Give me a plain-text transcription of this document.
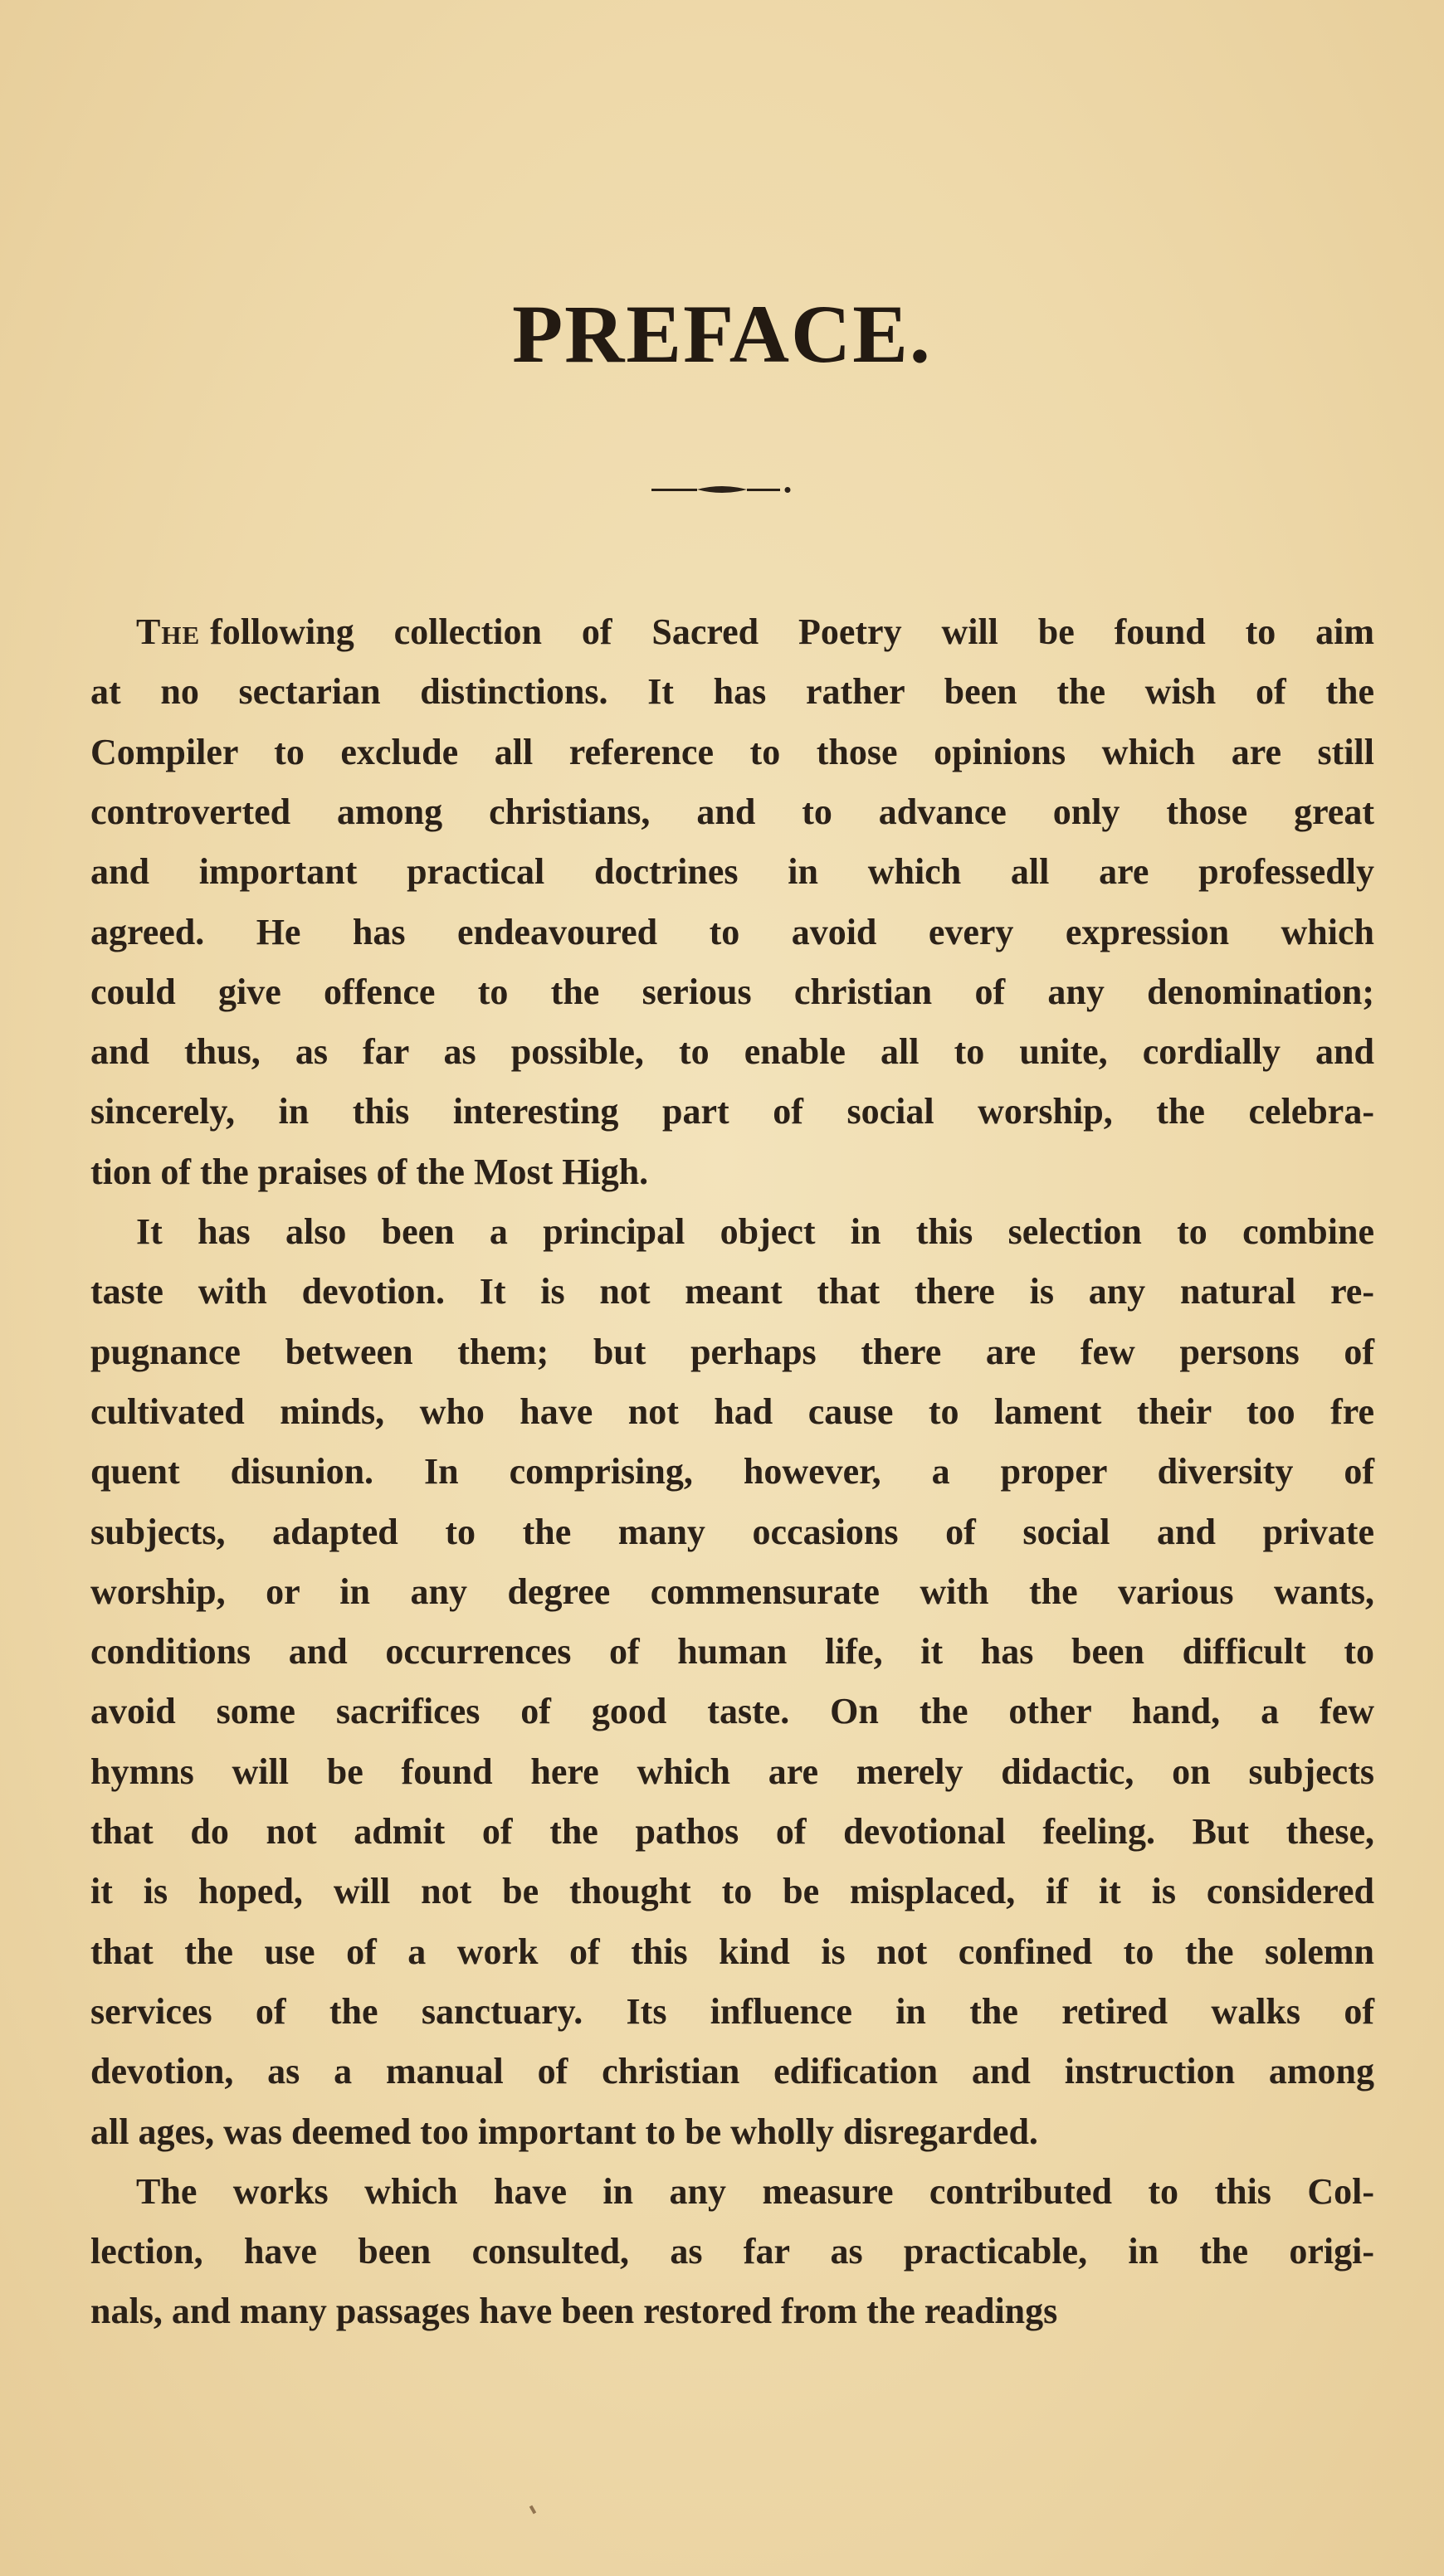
PREFACE.
The following collection of Sacred Poetry will be found to aim
at no sectarian distinctions. It has rather been the wish of the
Compiler to exclude all reference to those opinions which are still
controverted among christians, and to advance only those great
and important practical doctrines in which all are professedly
agreed. He has endeavoured to avoid every expression which
could give offence to the serious christian of any denomination;
and thus, as far as possible, to enable all to unite, cordially and
sincerely, in this interesting part of social worship, the celebra-
tion of the praises of the Most High.
It has also been a principal object in this selection to combine
taste with devotion. It is not meant that there is any natural re-
pugnance between them; but perhaps there are few persons of
cultivated minds, who have not had cause to lament their too fre
quent disunion. In comprising, however, a proper diversity of
subjects, adapted to the many occasions of social and private
worship, or in any degree commensurate with the various wants,
conditions and occurrences of human life, it has been difficult to
avoid some sacrifices of good taste. On the other hand, a few
hymns will be found here which are merely didactic, on subjects
that do not admit of the pathos of devotional feeling. But these,
it is hoped, will not be thought to be misplaced, if it is considered
that the use of a work of this kind is not confined to the solemn
services of the sanctuary. Its influence in the retired walks of
devotion, as a manual of christian edification and instruction among
all ages, was deemed too important to be wholly disregarded.
The works which have in any measure contributed to this Col-
lection, have been consulted, as far as practicable, in the origi-
nals, and many passages have been restored from the readings
